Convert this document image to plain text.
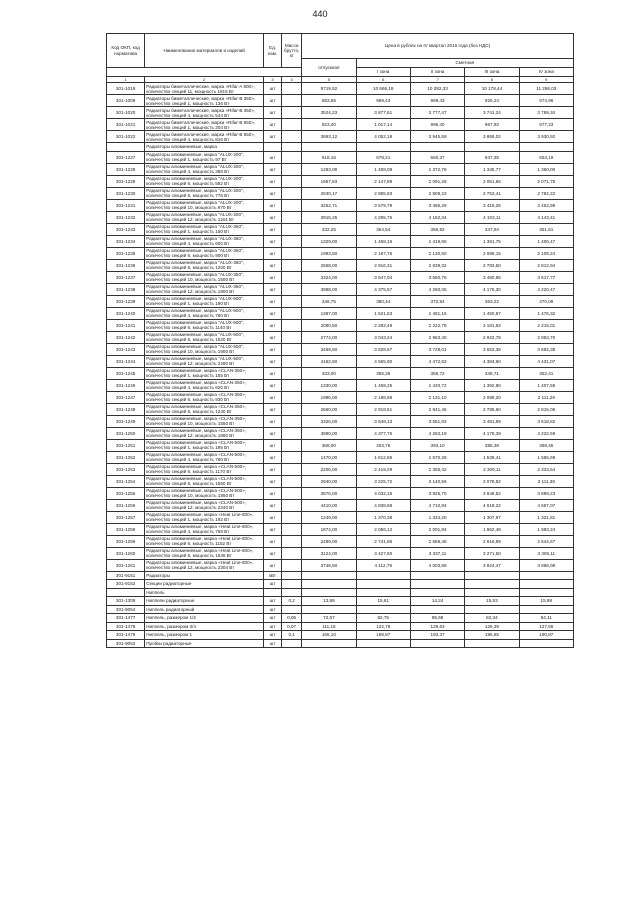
440
Код ОКП, код норматива	Наименование материалов и изделий	Ед. изм.	Масса брутто, кг	Цена в рублях на IV квартал 2016 года (без НДС)				
				отпускная	Сметная			
					I зона	II зона	III зона	IV зона
1	2	3	4	5	6	7	8	9
301-1019	Радиаторы биметаллические, марка «Rifar-A 500», количество секций 11, мощность 1815 Вт	шт		9719,52	10 666,19	10 282,33	10 178,44	11 286,03
301-1009	Радиаторы биметаллические, марка «Rifar-B 350», количество секций 1, мощность 136 Вт	шт		883,56	969,43	969,43	925,24	974,96
301-1020	Радиаторы биметаллические, марка «Rifar-B 350», количество секций 4, мощность 544 Вт	шт		3524,23	3 877,61	3 777,47	3 741,24	3 789,34
301-1021	Радиаторы биметаллические, марка «Rifar-B 550», количество секций 1, мощность 204 Вт	шт		923,40	1 017,14	996,40	967,93	977,23
301-1022	Радиаторы биметаллические, марка «Rifar-B 550», количество секций 4, мощность 816 Вт	шт		3693,12	4 052,18	3 945,59	3 868,02	3 930,92
	Радиаторы алюминиевые, марка							
301-1227	Радиаторы алюминиевые, марка "ALUX-200", количество секций 1, мощность 97 Вт	шт		618,16	678,21	660,37	647,35	654,19
301-1228	Радиаторы алюминиевые, марка "ALUX-200", количество секций 4, мощность 388 Вт	шт		1283,09	1 408,08	1 372,79	1 345,77	1 360,00
301-1229	Радиаторы алюминиевые, марка "ALUX-200", количество секций 6, мощность 582 Вт	шт		1957,63	2 147,89	2 091,28	2 051,66	2 071,75
301-1230	Радиаторы алюминиевые, марка "ALUX-200", количество секций 8, мощность 776 Вт	шт		2630,17	2 885,83	2 809,23	2 753,41	2 782,22
301-1231	Радиаторы алюминиевые, марка "ALUX-200", количество секций 10, мощность 970 Вт	шт		3262,71	3 579,79	3 485,29	3 415,26	3 452,99
301-1232	Радиаторы алюминиевые, марка "ALUX-200", количество секций 12, мощность 1164 Вт	шт		3915,25	4 295,75	4 182,34	4 103,11	4 143,41
301-1233	Радиаторы алюминиевые, марка "ALUX-350", количество секций 1, мощность 150 Вт	шт		332,25	364,54	356,92	347,94	351,61
301-1234	Радиаторы алюминиевые, марка "ALUX-350", количество секций 4, мощность 600 Вт	шт		1329,00	1 458,16	1 419,65	1 391,75	1 406,47
301-1235	Радиаторы алюминиевые, марка "ALUX-350", количество секций 6, мощность 900 Вт	шт		1993,50	2 187,76	2 130,50	2 088,15	2 109,24
301-1236	Радиаторы алюминиевые, марка "ALUX-350", количество секций 8, мощность 1200 Вт	шт		2658,00	2 916,31	2 839,32	2 783,50	2 812,94
301-1237	Радиаторы алюминиевые, марка "ALUX-350", количество секций 10, мощность 1500 Вт	шт		3324,00	3 647,04	3 550,76	3 480,95	3 517,77
301-1238	Радиаторы алюминиевые, марка "ALUX-350", количество секций 12, мощность 1800 Вт	шт		3988,00	4 375,57	4 260,05	4 176,30	4 220,47
301-1239	Радиаторы алюминиевые, марка "ALUX-500", количество секций 1, мощность 190 Вт	шт		346,75	380,44	372,54	363,22	370,08
301-1240	Радиаторы алюминиевые, марка "ALUX-500", количество секций 4, мощность 760 Вт	шт		1387,00	1 521,53	1 481,16	1 450,87	1 476,32
301-1241	Радиаторы алюминиевые, марка "ALUX-500", количество секций 6, мощность 1140 Вт	шт		2080,50	2 282,49	2 222,78	2 181,92	2 215,01
301-1242	Радиаторы алюминиевые, марка "ALUX-500", количество секций 8, мощность 1520 Вт	шт		2774,00	3 043,24	2 963,40	2 922,78	2 953,70
301-1243	Радиаторы алюминиевые, марка "ALUX-500", количество секций 10, мощность 1900 Вт	шт		3469,60	3 828,67	3 729,01	3 653,38	3 692,38
301-1244	Радиаторы алюминиевые, марка "ALUX-500", количество секций 12, мощность 2280 Вт	шт		4162,50	4 565,90	4 472,63	4 384,60	4 431,07
301-1245	Радиаторы алюминиевые, марка «CLAN-350», количество секций 1, мощность 155 Вт	шт		333,00	365,36	355,72	348,71	352,41
301-1246	Радиаторы алюминиевые, марка «CLAN-350», количество секций 4, мощность 620 Вт	шт		1330,00	1 459,25	1 420,72	1 392,80	1 407,55
301-1247	Радиаторы алюминиевые, марка «CLAN-350», количество секций 6, мощность 930 Вт	шт		1995,00	2 188,88	2 131,10	2 089,20	2 111,29
301-1248	Радиаторы алюминиевые, марка «CLAN-350», количество секций 8, мощность 1240 Вт	шт		2660,00	2 918,51	2 841,46	2 785,60	2 815,06
301-1249	Радиаторы алюминиевые, марка «CLAN-350», количество секций 10, мощность 1550 Вт	шт		3325,00	3 648,13	3 551,83	3 481,99	3 518,82
301-1250	Радиаторы алюминиевые, марка «CLAN-350», количество секций 12, мощность 1860 Вт	шт		3990,00	4 377,76	4 262,19	4 178,39	4 222,59
301-1251	Радиаторы алюминиевые, марка «CLAN-500», количество секций 1, мощность 195 Вт	шт		368,00	403,76	393,10	385,38	389,45
301-1252	Радиаторы алюминиевые, марка «CLAN-500», количество секций 4, мощность 780 Вт	шт		1470,00	1 612,86	1 570,28	1 539,41	1 555,69
301-1253	Радиаторы алюминиевые, марка «CLAN-500», количество секций 6, мощность 1170 Вт	шт		2205,00	2 419,29	2 355,42	2 309,11	2 333,54
301-1254	Радиаторы алюминиевые, марка «CLAN-500», количество секций 8, мощность 1560 Вт	шт		2940,00	3 225,72	3 140,56	3 078,82	3 111,38
301-1255	Радиаторы алюминиевые, марка «CLAN-500», количество секций 10, мощность 1950 Вт	шт		3675,00	4 032,15	3 925,70	3 848,52	3 889,23
301-1256	Радиаторы алюминиевые, марка «CLAN-500», количество секций 12, мощность 2340 Вт	шт		4410,00	4 838,58	4 710,84	4 618,22	4 667,07
301-1257	Радиаторы алюминиевые, марка «Heat Line-500», количество секций 1, мощность 192 Вт	шт		1249,00	1 370,38	1 334,20	1 307,97	1 321,81
301-1258	Радиаторы алюминиевые, марка «Heat Line-500», количество секций 4, мощность 768 Вт	шт		1874,00	2 056,12	2 001,84	1 962,48	1 983,24
301-1259	Радиаторы алюминиевые, марка «Heat Line-500», количество секций 6, мощность 1152 Вт	шт		2499,00	2 741,86	2 669,48	2 616,99	2 644,67
301-1260	Радиаторы алюминиевые, марка «Heat Line-500», количество секций 8, мощность 1536 Вт	шт		3124,00	3 427,60	3 337,11	3 271,50	3 306,11
301-1261	Радиаторы алюминиевые, марка «Heat Line-500», количество секций 12, мощность 2304 Вт	шт		3748,50	4 112,79	4 003,68	3 924,47	3 966,08
301-9151	Радиаторы	кВт						
301-9152	Секции радиаторные	шт						
	Ниппель							
301-1309	Ниппели радиаторные	шт	0,2	13,88	15,61	14,24	15,63	15,98
301-9054	Ниппель радиаторный	шт						
301-1477	Ниппель, размером 1/2	шт	0,05	72,57	82,75	85,68	82,34	84,11
301-1478	Ниппель, размером 3/4	шт	0,07	111,15	122,78	129,63	126,39	127,66
301-1479	Ниппель, размером 1	шт	0,1	165,10	198,97	193,37	195,85	190,87
301-9053	Пробки радиаторные	шт						
